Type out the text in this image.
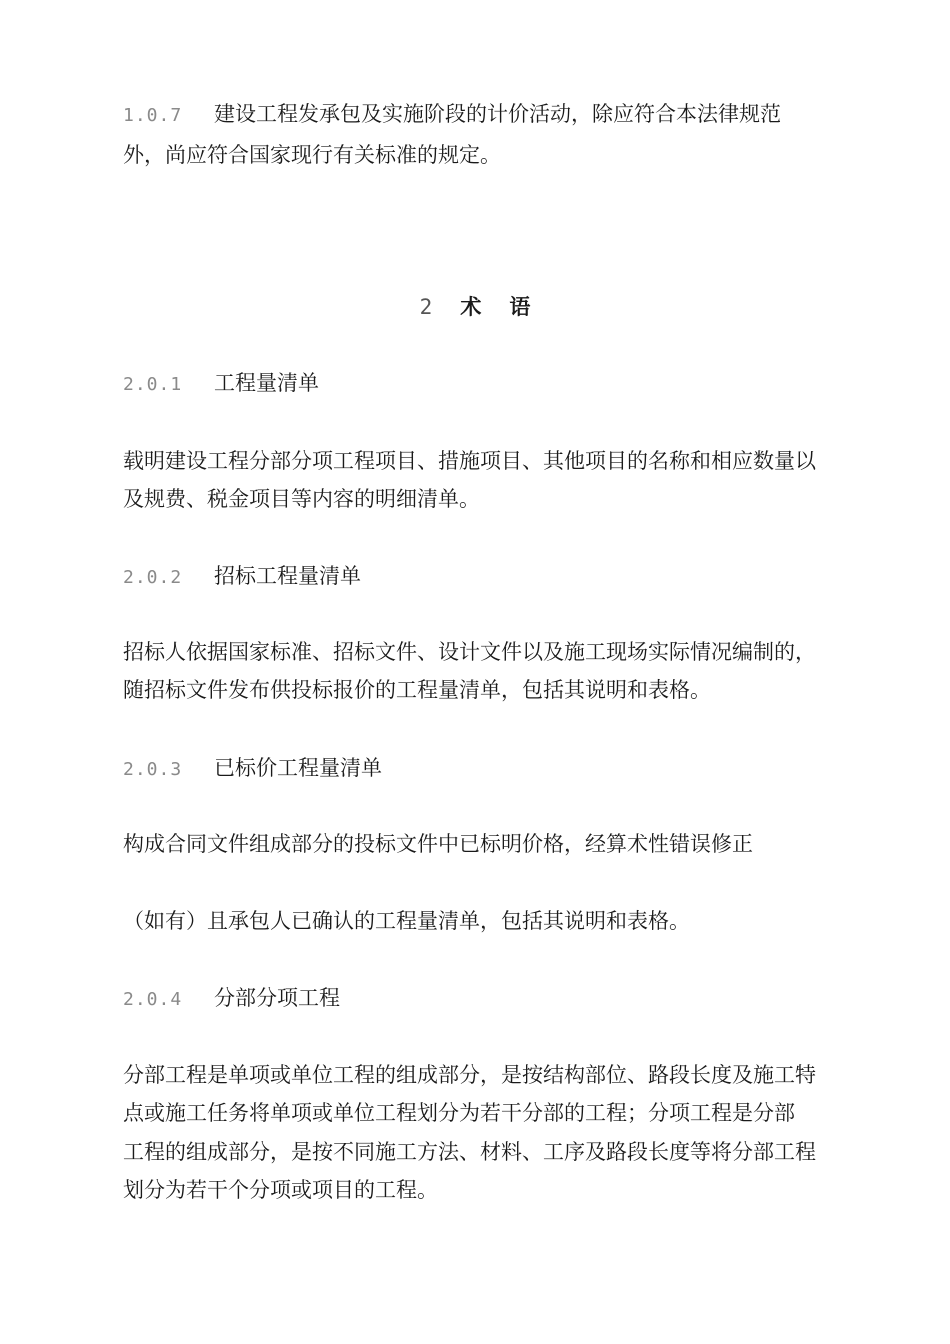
1.0.7 建设工程发承包及实施阶段的计价活动，除应符合本法律规范
外，尚应符合国家现行有关标准的规定。
2 术 语
2.0.1 工程量清单
载明建设工程分部分项工程项目、措施项目、其他项目的名称和相应数量以
及规费、税金项目等内容的明细清单。
2.0.2 招标工程量清单
招标人依据国家标准、招标文件、设计文件以及施工现场实际情况编制的，
随招标文件发布供投标报价的工程量清单，包括其说明和表格。
2.0.3 已标价工程量清单
构成合同文件组成部分的投标文件中已标明价格，经算术性错误修正
（如有）且承包人已确认的工程量清单，包括其说明和表格。
2.0.4 分部分项工程
分部工程是单项或单位工程的组成部分，是按结构部位、路段长度及施工特
点或施工任务将单项或单位工程划分为若干分部的工程；分项工程是分部
工程的组成部分，是按不同施工方法、材料、工序及路段长度等将分部工程
划分为若干个分项或项目的工程。
